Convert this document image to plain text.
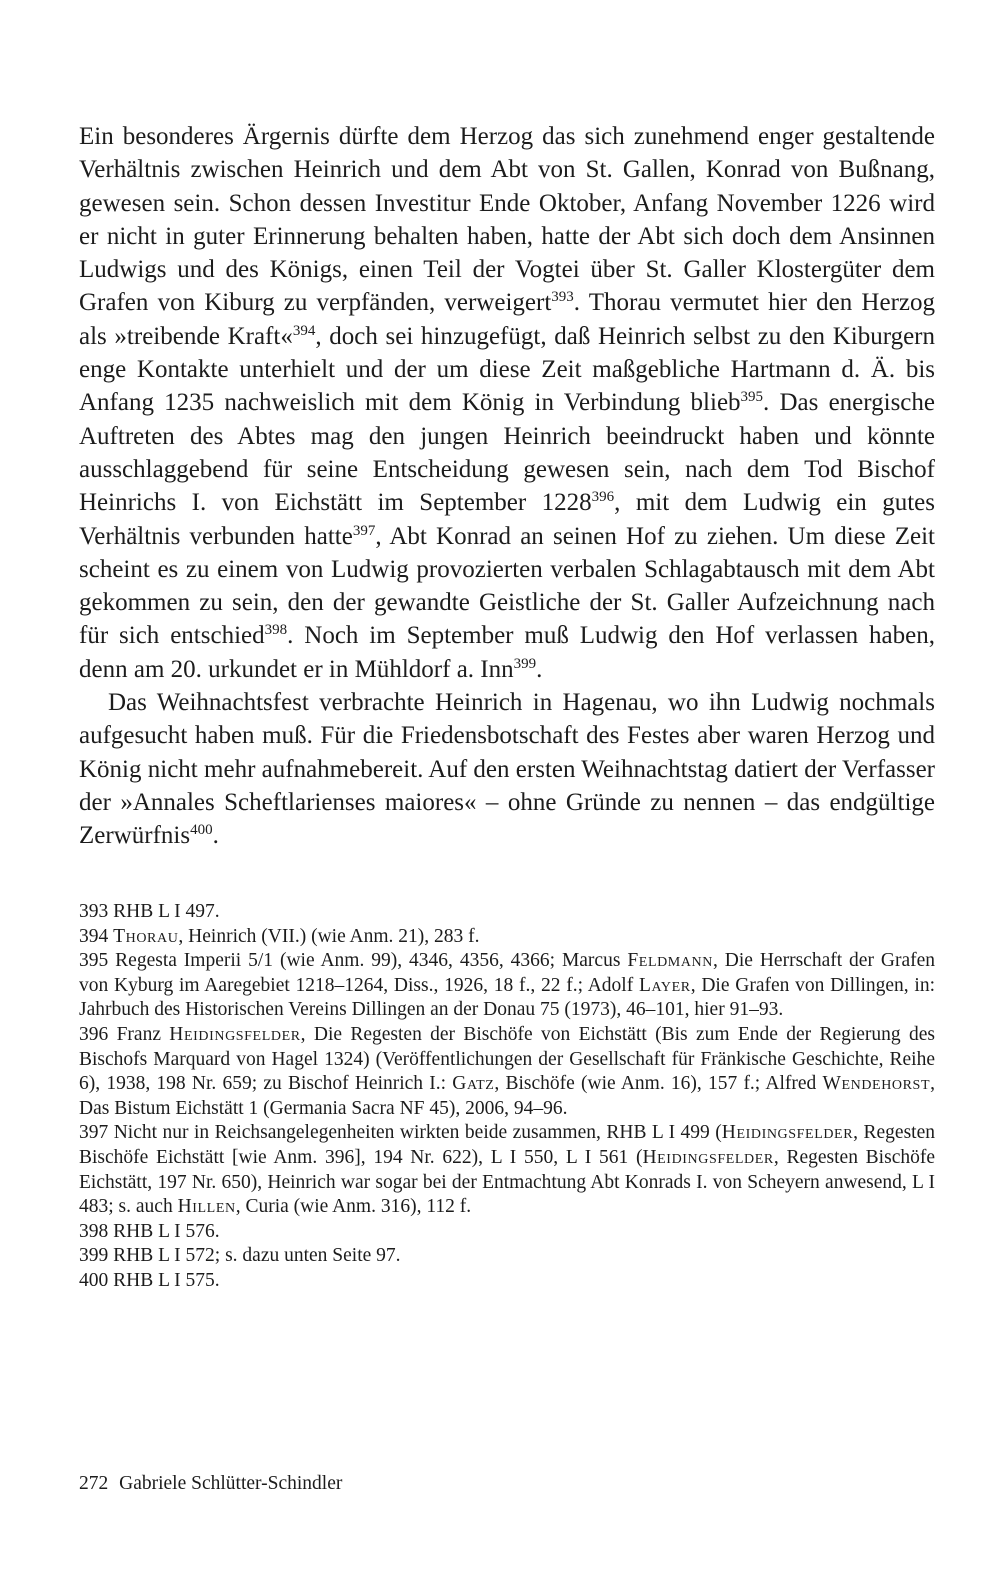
Ein besonderes Ärgernis dürfte dem Herzog das sich zunehmend enger gestaltende Verhältnis zwischen Heinrich und dem Abt von St. Gallen, Konrad von Bußnang, gewesen sein. Schon dessen Investitur Ende Oktober, Anfang November 1226 wird er nicht in guter Erinnerung behalten haben, hatte der Abt sich doch dem Ansinnen Ludwigs und des Königs, einen Teil der Vogtei über St. Galler Klostergüter dem Grafen von Kiburg zu verpfänden, verweigert$^{393}$. Thorau vermutet hier den Herzog als »treibende Kraft«$^{394}$, doch sei hinzugefügt, daß Heinrich selbst zu den Kiburgern enge Kontakte unterhielt und der um diese Zeit maßgebliche Hartmann d. Ä. bis Anfang 1235 nachweislich mit dem König in Verbindung blieb$^{395}$. Das energische Auftreten des Abtes mag den jungen Heinrich beeindruckt haben und könnte ausschlaggebend für seine Entscheidung gewesen sein, nach dem Tod Bischof Heinrichs I. von Eichstätt im September 1228$^{396}$, mit dem Ludwig ein gutes Verhältnis verbunden hatte$^{397}$, Abt Konrad an seinen Hof zu ziehen. Um diese Zeit scheint es zu einem von Ludwig provozierten verbalen Schlagabtausch mit dem Abt gekommen zu sein, den der gewandte Geistliche der St. Galler Aufzeichnung nach für sich entschied$^{398}$. Noch im September muß Ludwig den Hof verlassen haben, denn am 20. urkundet er in Mühldorf a. Inn$^{399}$.

Das Weihnachtsfest verbrachte Heinrich in Hagenau, wo ihn Ludwig nochmals aufgesucht haben muß. Für die Friedensbotschaft des Festes aber waren Herzog und König nicht mehr aufnahmebereit. Auf den ersten Weihnachtstag datiert der Verfasser der »Annales Scheftlarienses maiores« – ohne Gründe zu nennen – das endgültige Zerwürfnis$^{400}$.

393 RHB L I 497.

394 Thorau, Heinrich (VII.) (wie Anm. 21), 283 f.

395 Regesta Imperii 5/1 (wie Anm. 99), 4346, 4356, 4366; Marcus Feldmann, Die Herrschaft der Grafen von Kyburg im Aaregebiet 1218–1264, Diss., 1926, 18 f., 22 f.; Adolf Layer, Die Grafen von Dillingen, in: Jahrbuch des Historischen Vereins Dillingen an der Donau 75 (1973), 46–101, hier 91–93.

396 Franz Heidingsfelder, Die Regesten der Bischöfe von Eichstätt (Bis zum Ende der Regierung des Bischofs Marquard von Hagel 1324) (Veröffentlichungen der Gesellschaft für Fränkische Geschichte, Reihe 6), 1938, 198 Nr. 659; zu Bischof Heinrich I.: Gatz, Bischöfe (wie Anm. 16), 157 f.; Alfred Wendehorst, Das Bistum Eichstätt 1 (Germania Sacra NF 45), 2006, 94–96.

397 Nicht nur in Reichsangelegenheiten wirkten beide zusammen, RHB L I 499 (Heidingsfelder, Regesten Bischöfe Eichstätt [wie Anm. 396], 194 Nr. 622), L I 550, L I 561 (Heidingsfelder, Regesten Bischöfe Eichstätt, 197 Nr. 650), Heinrich war sogar bei der Entmachtung Abt Konrads I. von Scheyern anwesend, L I 483; s. auch Hillen, Curia (wie Anm. 316), 112 f.

398 RHB L I 576.

399 RHB L I 572; s. dazu unten Seite 97.

400 RHB L I 575.

272 Gabriele Schlütter-Schindler
